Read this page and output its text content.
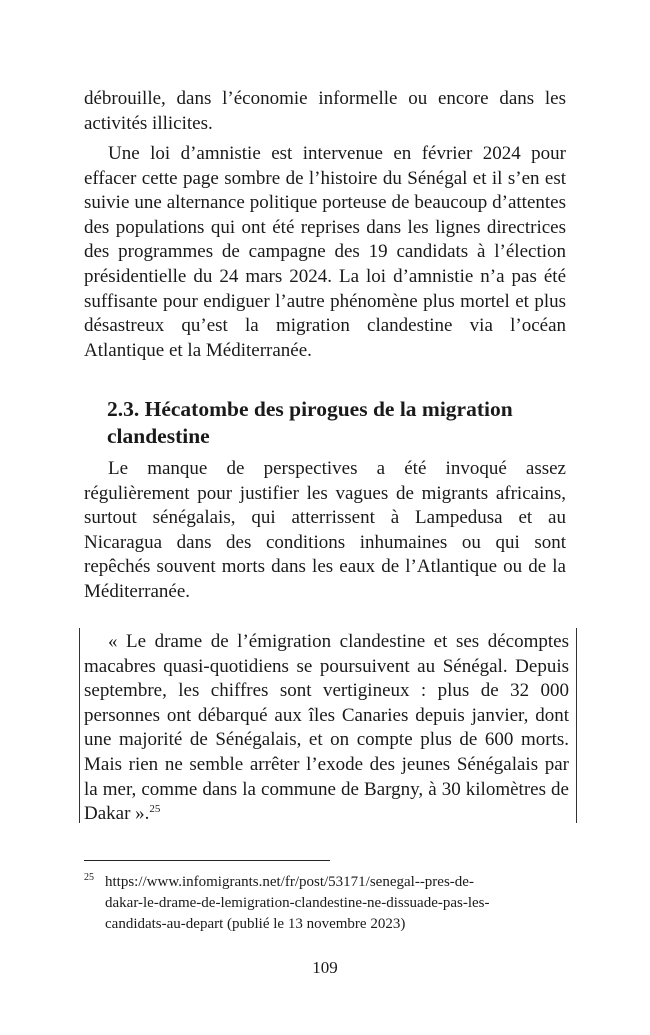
débrouille, dans l’économie informelle ou encore dans les activités illicites.

Une loi d’amnistie est intervenue en février 2024 pour effacer cette page sombre de l’histoire du Sénégal et il s’en est suivie une alternance politique porteuse de beaucoup d’attentes des populations qui ont été reprises dans les lignes directrices des programmes de campagne des 19 candidats à l’élection présidentielle du 24 mars 2024. La loi d’amnistie n’a pas été suffisante pour endiguer l’autre phénomène plus mortel et plus désastreux qu’est la migration clandestine via l’océan Atlantique et la Méditerranée.

2.3. Hécatombe des pirogues de la migration
clandestine

Le manque de perspectives a été invoqué assez régulièrement pour justifier les vagues de migrants africains, surtout sénégalais, qui atterrissent à Lampedusa et au Nicaragua dans des conditions inhumaines ou qui sont repêchés souvent morts dans les eaux de l’Atlantique ou de la Méditerranée.

« Le drame de l’émigration clandestine et ses décomptes macabres quasi-quotidiens se poursuivent au Sénégal. Depuis septembre, les chiffres sont vertigineux : plus de 32 000 personnes ont débarqué aux îles Canaries depuis janvier, dont une majorité de Sénégalais, et on compte plus de 600 morts. Mais rien ne semble arrêter l’exode des jeunes Sénégalais par la mer, comme dans la commune de Bargny, à 30 kilomètres de Dakar ».$^{25}$

25 https://www.infomigrants.net/fr/post/53171/senegal--pres-de-
dakar-le-drame-de-lemigration-clandestine-ne-dissuade-pas-les-
candidats-au-depart (publié le 13 novembre 2023)
109
